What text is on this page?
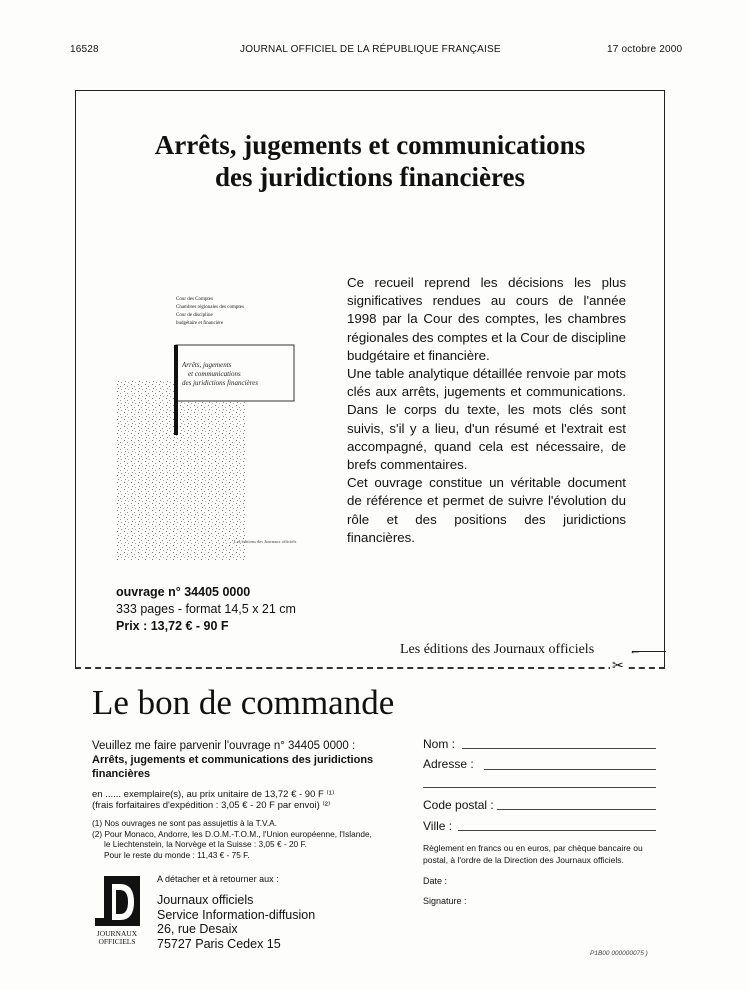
16528	JOURNAL OFFICIEL DE LA RÉPUBLIQUE FRANÇAISE	17 octobre 2000
Arrêts, jugements et communications
des juridictions financières

Ce recueil reprend les décisions les plus significatives rendues au cours de l'année 1998 par la Cour des comptes, les chambres régionales des comptes et la Cour de discipline budgétaire et financière.

Une table analytique détaillée renvoie par mots clés aux arrêts, jugements et communications. Dans le corps du texte, les mots clés sont suivis, s'il y a lieu, d'un résumé et l'extrait est accompagné, quand cela est nécessaire, de brefs commentaires.

Cet ouvrage constitue un véritable document de référence et permet de suivre l'évolution du rôle et des positions des juridictions financières.

Cour des Comptes
Chambres régionales des comptes
Cour de discipline
budgétaire et financière
Arrêts, jugements
et communications
des juridictions financières
Les éditions des Journaux officiels
ouvrage n° 34405 0000
333 pages - format 14,5 x 21 cm
Prix : 13,72 € - 90 F
Les éditions des Journaux officiels	←
✂
Le bon de commande
Veuillez me faire parvenir l'ouvrage n° 34405 0000 :
Arrêts, jugements et communications des juridictions financières
en ...... exemplaire(s), au prix unitaire de 13,72 € - 90 F ⁽¹⁾
(frais forfaitaires d'expédition : 3,05 € - 20 F par envoi) ⁽²⁾
(1) Nos ouvrages ne sont pas assujettis à la T.V.A.
(2) Pour Monaco, Andorre, les D.O.M.-T.O.M., l'Union européenne, l'Islande,
le Liechtenstein, la Norvège et la Suisse : 3,05 € - 20 F.
Pour le reste du monde : 11,43 € - 75 F.
JOURNAUX
OFFICIELS
A détacher et à retourner aux :
Journaux officiels
Service Information-diffusion
26, rue Desaix
75727 Paris Cedex 15
Nom :
Adresse :
Code postal :
Ville :
Règlement en francs ou en euros, par chèque bancaire ou postal, à l'ordre de la Direction des Journaux officiels.
Date :
Signature :
P1B00 000000075 )
